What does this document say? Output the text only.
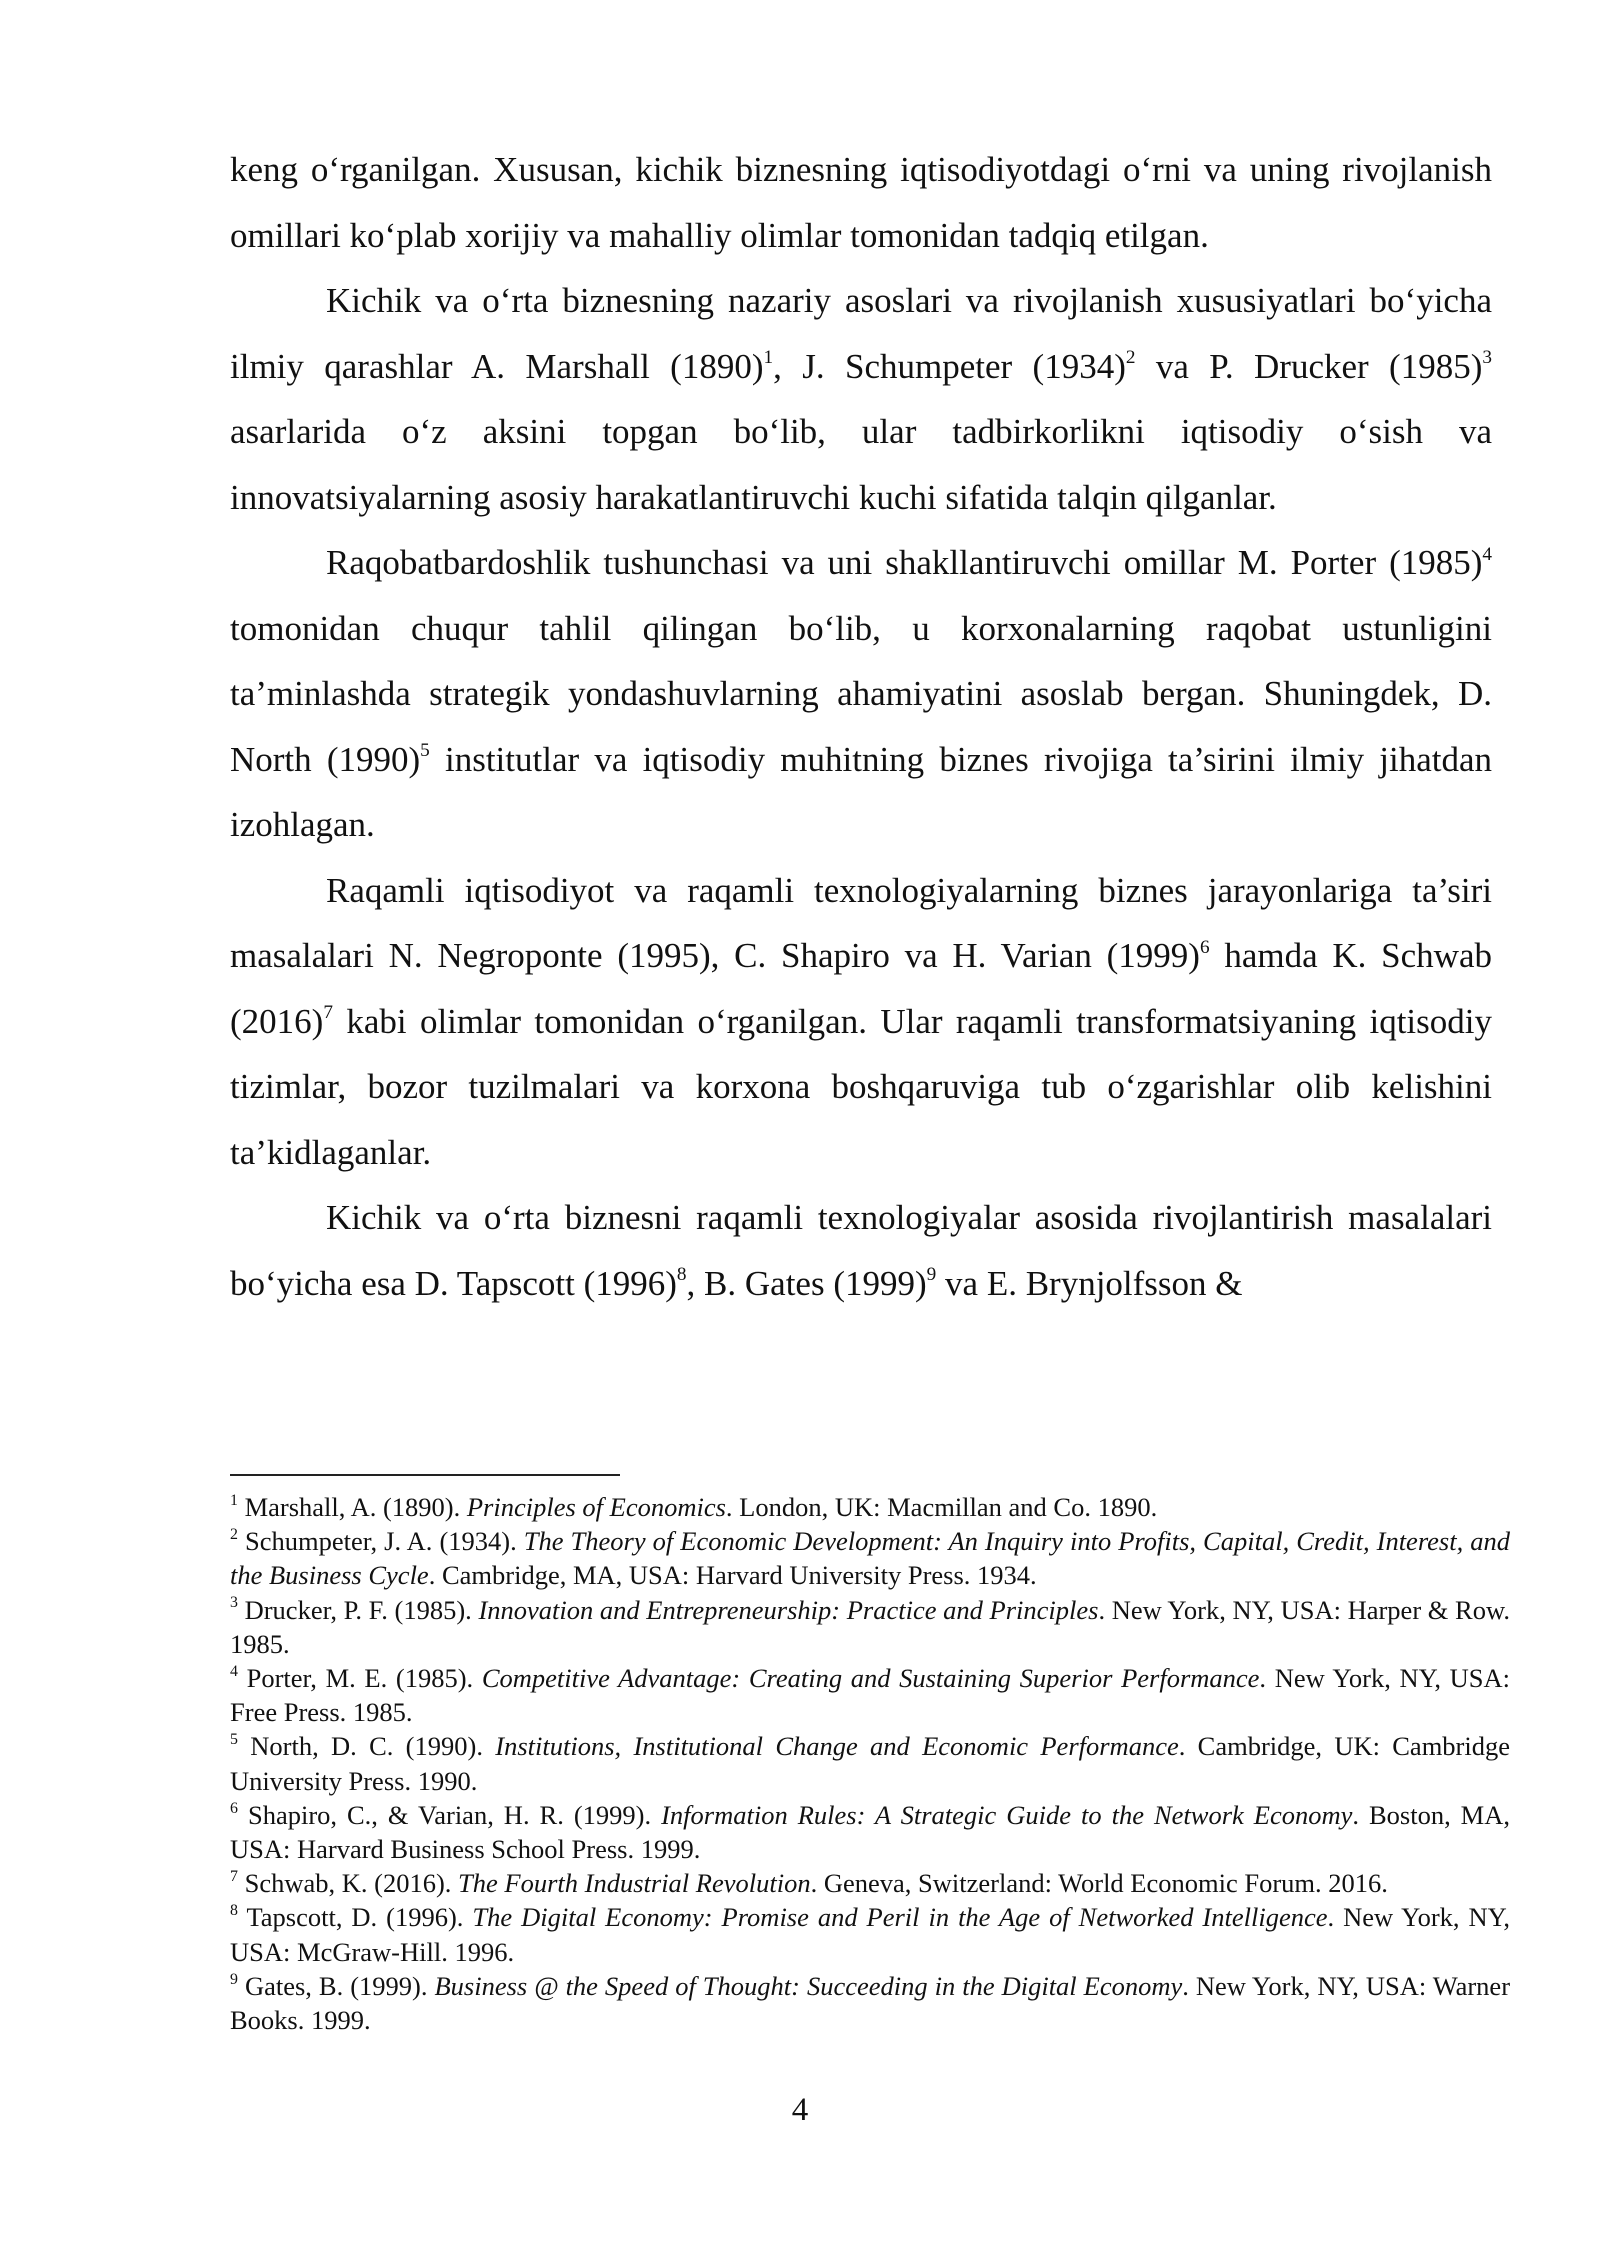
keng oʻrganilgan. Xususan, kichik biznesning iqtisodiyotdagi oʻrni va uning rivojlanish omillari koʻplab xorijiy va mahalliy olimlar tomonidan tadqiq etilgan.

Kichik va oʻrta biznesning nazariy asoslari va rivojlanish xususiyatlari boʻyicha ilmiy qarashlar A. Marshall $(1890)^1$, J. Schumpeter $(1934)^2$ va P. Drucker $(1985)^3$ asarlarida oʻz aksini topgan boʻlib, ular tadbirkorlikni iqtisodiy oʻsish va innovatsiyalarning asosiy harakatlantiruvchi kuchi sifatida talqin qilganlar.

Raqobatbardoshlik tushunchasi va uni shakllantiruvchi omillar M. Porter $(1985)^4$ tomonidan chuqur tahlil qilingan boʻlib, u korxonalarning raqobat ustunligini ta’minlashda strategik yondashuvlarning ahamiyatini asoslab bergan. Shuningdek, D. North $(1990)^5$ institutlar va iqtisodiy muhitning biznes rivojiga ta’sirini ilmiy jihatdan izohlagan.

Raqamli iqtisodiyot va raqamli texnologiyalarning biznes jarayonlariga ta’siri masalalari N. Negroponte (1995), C. Shapiro va H. Varian $(1999)^6$ hamda K. Schwab $(2016)^7$ kabi olimlar tomonidan oʻrganilgan. Ular raqamli transformatsiyaning iqtisodiy tizimlar, bozor tuzilmalari va korxona boshqaruviga tub oʻzgarishlar olib kelishini ta’kidlaganlar.

Kichik va oʻrta biznesni raqamli texnologiyalar asosida rivojlantirish masalalari boʻyicha esa D. Tapscott $(1996)^8$, B. Gates $(1999)^9$ va E. Brynjolfsson &

$^1$ Marshall, A. (1890). Principles of Economics. London, UK: Macmillan and Co. 1890.
$^2$ Schumpeter, J. A. (1934). The Theory of Economic Development: An Inquiry into Profits, Capital, Credit, Interest, and the Business Cycle. Cambridge, MA, USA: Harvard University Press. 1934.
$^3$ Drucker, P. F. (1985). Innovation and Entrepreneurship: Practice and Principles. New York, NY, USA: Harper & Row. 1985.
$^4$ Porter, M. E. (1985). Competitive Advantage: Creating and Sustaining Superior Performance. New York, NY, USA: Free Press. 1985.
$^5$ North, D. C. (1990). Institutions, Institutional Change and Economic Performance. Cambridge, UK: Cambridge University Press. 1990.
$^6$ Shapiro, C., & Varian, H. R. (1999). Information Rules: A Strategic Guide to the Network Economy. Boston, MA, USA: Harvard Business School Press. 1999.
$^7$ Schwab, K. (2016). The Fourth Industrial Revolution. Geneva, Switzerland: World Economic Forum. 2016.
$^8$ Tapscott, D. (1996). The Digital Economy: Promise and Peril in the Age of Networked Intelligence. New York, NY, USA: McGraw-Hill. 1996.
$^9$ Gates, B. (1999). Business @ the Speed of Thought: Succeeding in the Digital Economy. New York, NY, USA: Warner Books. 1999.
4
